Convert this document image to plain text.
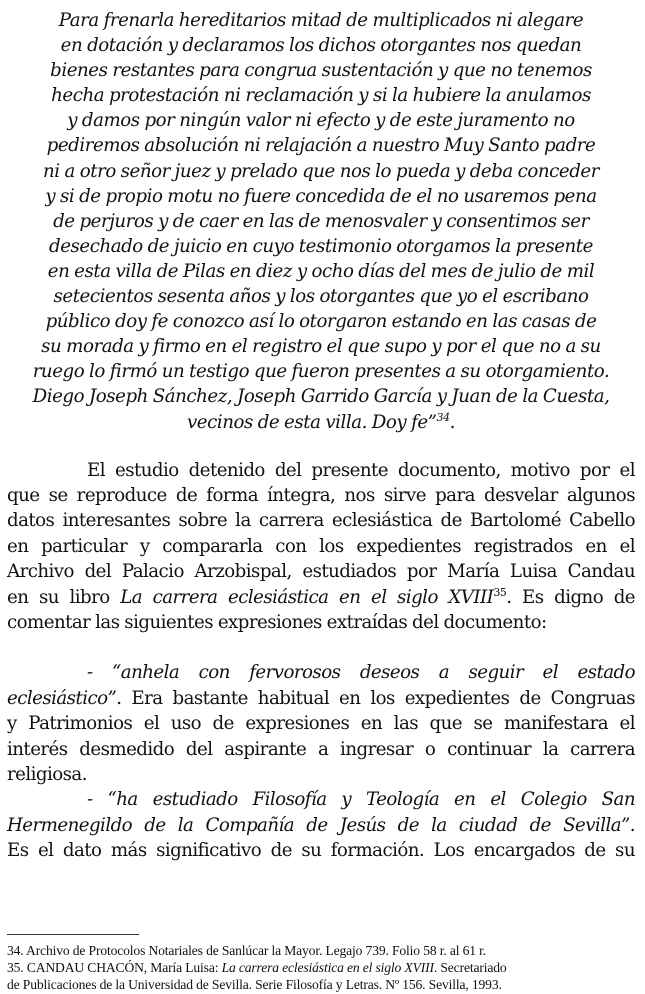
Para frenarla hereditarios mitad de multiplicados ni alegare
en dotación y declaramos los dichos otorgantes nos quedan
bienes restantes para congrua sustentación y que no tenemos
hecha protestación ni reclamación y si la hubiere la anulamos
y damos por ningún valor ni efecto y de este juramento no
pediremos absolución ni relajación a nuestro Muy Santo padre
ni a otro señor juez y prelado que nos lo pueda y deba conceder
y si de propio motu no fuere concedida de el no usaremos pena
de perjuros y de caer en las de menosvaler y consentimos ser
desechado de juicio en cuyo testimonio otorgamos la presente
en esta villa de Pilas en diez y ocho días del mes de julio de mil
setecientos sesenta años y los otorgantes que yo el escribano
público doy fe conozco así lo otorgaron estando en las casas de
su morada y firmo en el registro el que supo y por el que no a su
ruego lo firmó un testigo que fueron presentes a su otorgamiento.
Diego Joseph Sánchez, Joseph Garrido García y Juan de la Cuesta,
vecinos de esta villa. Doy fe”$^{34}$.

El estudio detenido del presente documento, motivo por el
que se reproduce de forma íntegra, nos sirve para desvelar algunos
datos interesantes sobre la carrera eclesiástica de Bartolomé Cabello
en particular y compararla con los expedientes registrados en el
Archivo del Palacio Arzobispal, estudiados por María Luisa Candau
en su libro La carrera eclesiástica en el siglo XVIII$^{35}$. Es digno de
comentar las siguientes expresiones extraídas del documento:

- “anhela con fervorosos deseos a seguir el estado
eclesiástico”. Era bastante habitual en los expedientes de Congruas
y Patrimonios el uso de expresiones en las que se manifestara el
interés desmedido del aspirante a ingresar o continuar la carrera
religiosa.

- “ha estudiado Filosofía y Teología en el Colegio San
Hermenegildo de la Compañía de Jesús de la ciudad de Sevilla”.
Es el dato más significativo de su formación. Los encargados de su

34. Archivo de Protocolos Notariales de Sanlúcar la Mayor. Legajo 739. Folio 58 r. al 61 r.
35. CANDAU CHACÓN, María Luisa: La carrera eclesiástica en el siglo XVIII. Secretariado
de Publicaciones de la Universidad de Sevilla. Serie Filosofía y Letras. Nº 156. Sevilla, 1993.
